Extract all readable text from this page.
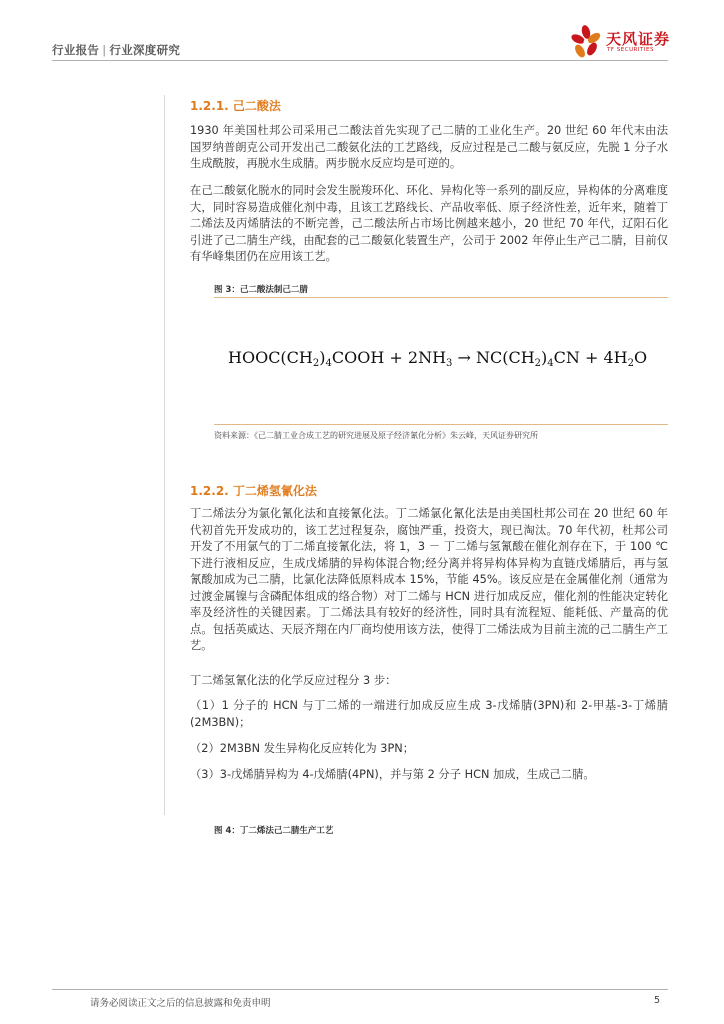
行业报告 | 行业深度研究
天风证券
TF SECURITIES
1.2.1. 己二酸法
1930 年美国杜邦公司采用己二酸法首先实现了己二腈的工业化生产。20 世纪 60 年代末由法国罗纳普朗克公司开发出己二酸氨化法的工艺路线，反应过程是己二酸与氨反应，先脱 1 分子水生成酰胺，再脱水生成腈。两步脱水反应均是可逆的。
在己二酸氨化脱水的同时会发生脱羧环化、环化、异构化等一系列的副反应，异构体的分离难度大，同时容易造成催化剂中毒，且该工艺路线长、产品收率低、原子经济性差，近年来，随着丁二烯法及丙烯腈法的不断完善，己二酸法所占市场比例越来越小，20 世纪 70 年代，辽阳石化引进了己二腈生产线，由配套的己二酸氨化装置生产，公司于 2002 年停止生产己二腈，目前仅有华峰集团仍在应用该工艺。
图 3：己二酸法制己二腈
$HOOC(CH_2)_4COOH + 2NH_3 \to NC(CH_2)_4CN + 4H_2O$
资料来源：《己二腈工业合成工艺的研究进展及原子经济氰化分析》朱云峰，天风证券研究所
1.2.2. 丁二烯氢氰化法
丁二烯法分为氯化氰化法和直接氰化法。丁二烯氯化氰化法是由美国杜邦公司在 20 世纪 60 年代初首先开发成功的，该工艺过程复杂，腐蚀严重，投资大，现已淘汰。70 年代初，杜邦公司开发了不用氯气的丁二烯直接氰化法，将 1，3 － 丁二烯与氢氰酸在催化剂存在下，于 100 ℃下进行液相反应，生成戊烯腈的异构体混合物;经分离并将异构体异构为直链戊烯腈后，再与氢氰酸加成为己二腈，比氯化法降低原料成本 15%，节能 45%。该反应是在金属催化剂（通常为过渡金属镍与含磷配体组成的络合物）对丁二烯与 HCN 进行加成反应，催化剂的性能决定转化率及经济性的关键因素。丁二烯法具有较好的经济性，同时具有流程短、能耗低、产量高的优点。包括英威达、天辰齐翔在内厂商均使用该方法，使得丁二烯法成为目前主流的己二腈生产工艺。
丁二烯氢氰化法的化学反应过程分 3 步：
（1）1 分子的 HCN 与丁二烯的一端进行加成反应生成 3-戊烯腈(3PN)和 2-甲基-3-丁烯腈(2M3BN)；
（2）2M3BN 发生异构化反应转化为 3PN；
（3）3-戊烯腈异构为 4-戊烯腈(4PN)，并与第 2 分子 HCN 加成，生成己二腈。
图 4：丁二烯法己二腈生产工艺
请务必阅读正文之后的信息披露和免责申明	5
